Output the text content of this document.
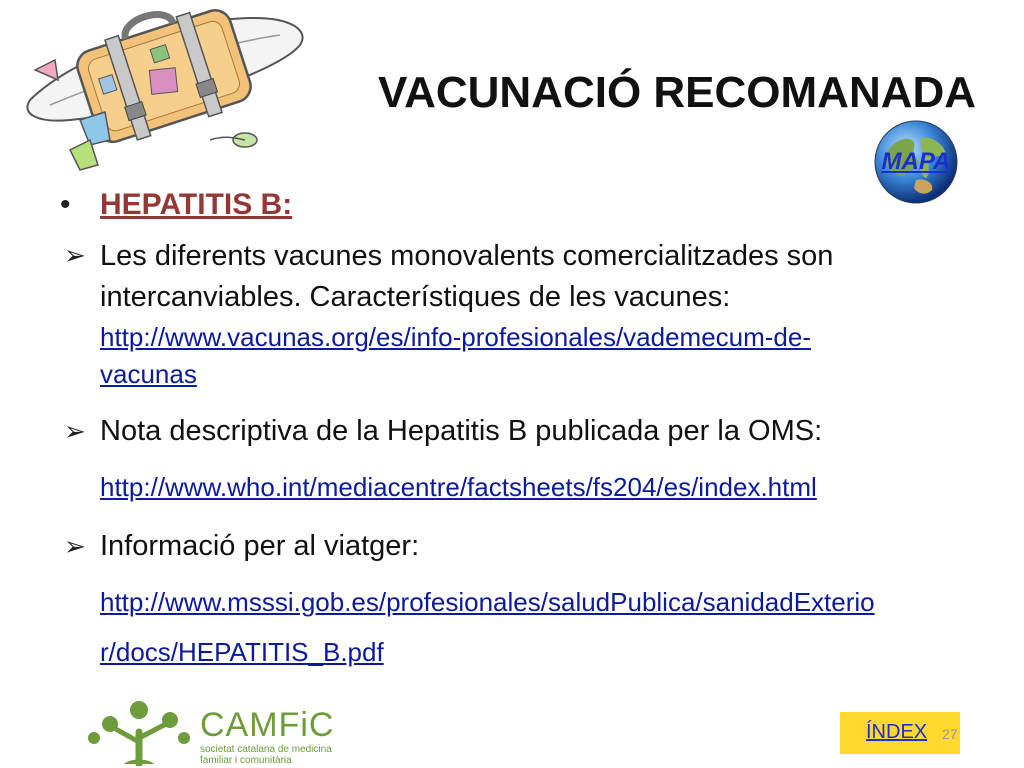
VACUNACIÓ RECOMANADA
MAPA
• HEPATITIS B:
➢ Les diferents vacunes monovalents comercialitzades son
intercanviables. Característiques de les vacunes:
http://www.vacunas.org/es/info-profesionales/vademecum-de-
vacunas
➢ Nota descriptiva de la Hepatitis B publicada per la OMS:
http://www.who.int/mediacentre/factsheets/fs204/es/index.html
➢ Informació per al viatger:
http://www.msssi.gob.es/profesionales/saludPublica/sanidadExterio
r/docs/HEPATITIS_B.pdf
CAMFiC
societat catalana de medicina
familiar i comunitària
ÍNDEX 27
